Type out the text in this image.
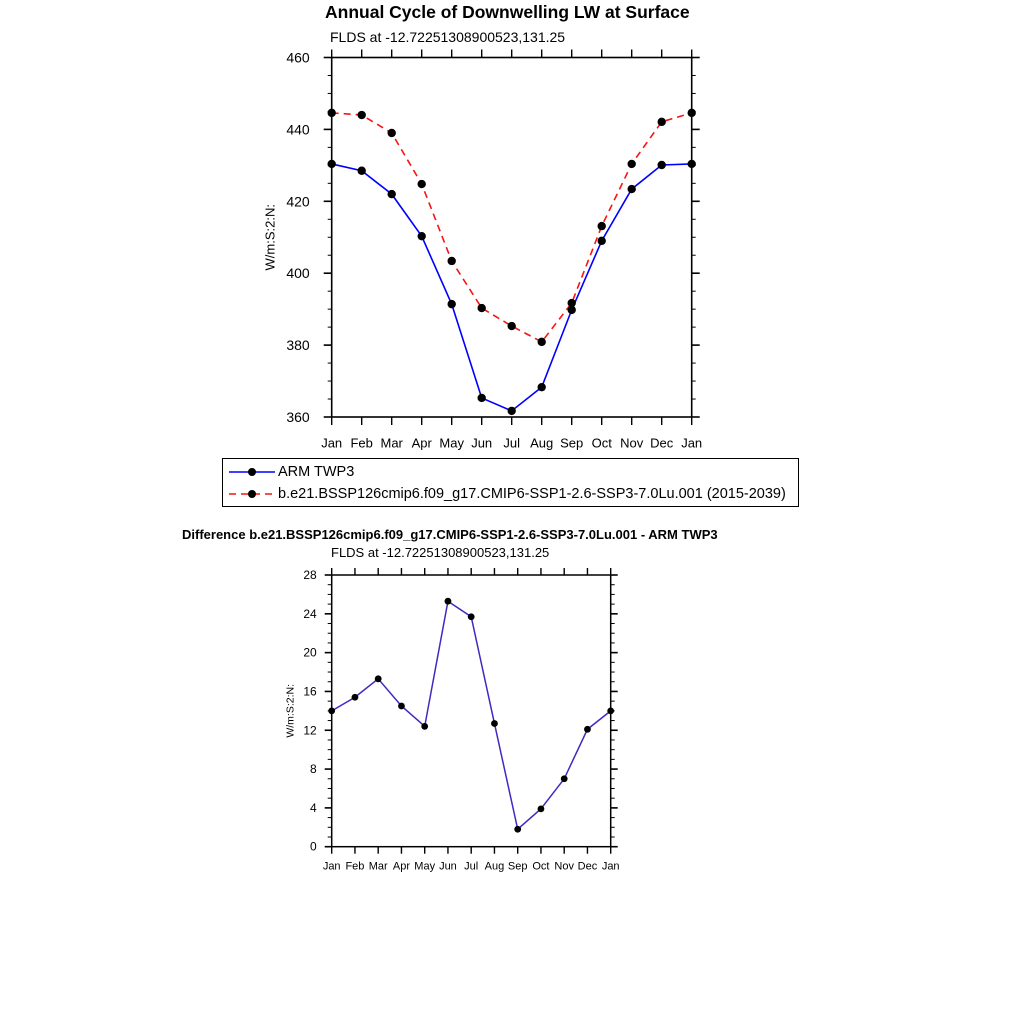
Annual Cycle of Downwelling LW at Surface
FLDS at -12.72251308900523,131.25
360
380
400
420
440
460
Jan Feb Mar Apr May Jun Jul Aug Sep Oct Nov Dec Jan
W/m:S:2:N:
ARM TWP3
b.e21.BSSP126cmip6.f09_g17.CMIP6-SSP1-2.6-SSP3-7.0Lu.001 (2015-2039)
Difference b.e21.BSSP126cmip6.f09_g17.CMIP6-SSP1-2.6-SSP3-7.0Lu.001 - ARM TWP3
FLDS at -12.72251308900523,131.25
0
4
8
12
16
20
24
28
Jan Feb Mar Apr May Jun Jul Aug Sep Oct Nov Dec Jan
W/m:S:2:N:
